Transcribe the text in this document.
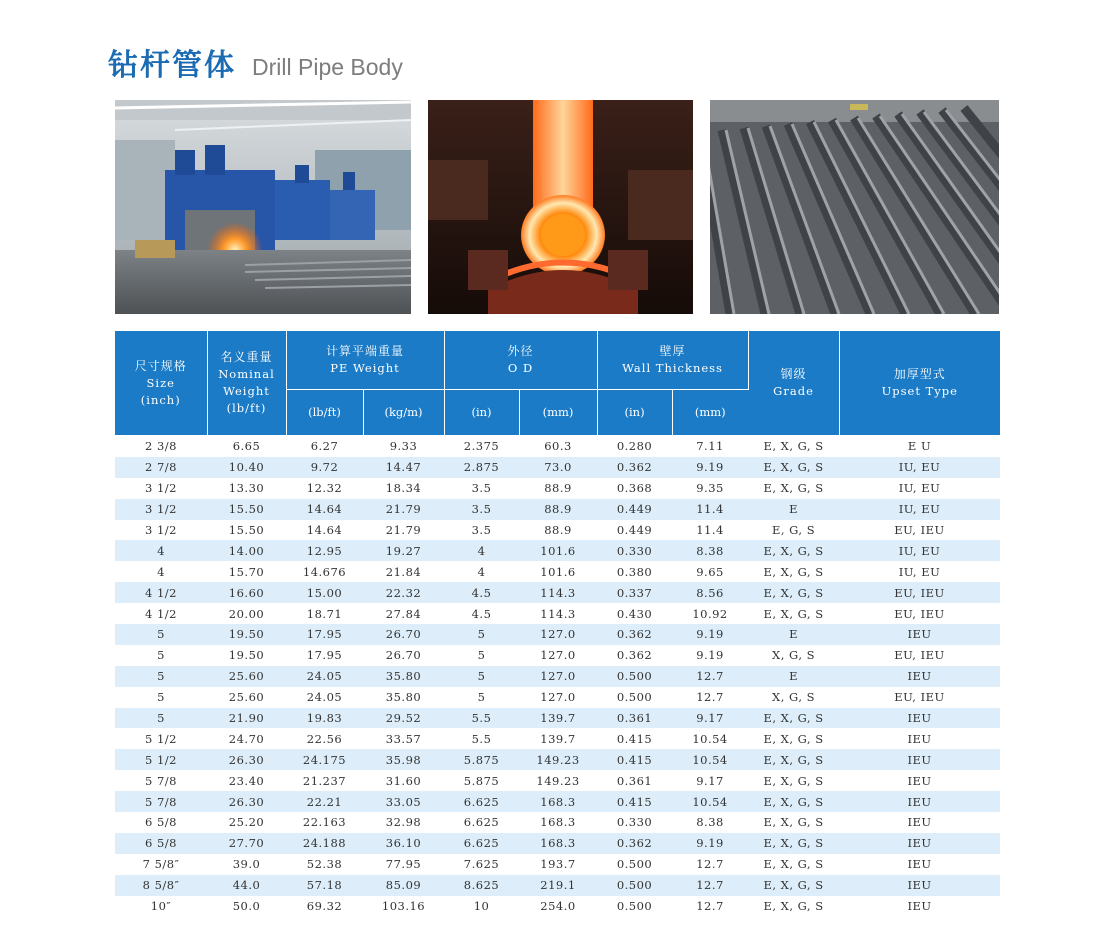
钻杆管体 Drill Pipe Body
尺寸规格
Size
(inch)	名义重量
Nominal Weight
(lb/ft)	计算平端重量
PE Weight		外径
O D		壁厚
Wall Thickness		钢级
Grade	加厚型式
Upset Type

		(lb/ft)	(kg/m)	(in)	(mm)	(in)	(mm)		
2 3/8	6.65	6.27	9.33	2.375	60.3	0.280	7.11	E, X, G, S	E U
2 7/8	10.40	9.72	14.47	2.875	73.0	0.362	9.19	E, X, G, S	IU, EU
3 1/2	13.30	12.32	18.34	3.5	88.9	0.368	9.35	E, X, G, S	IU, EU
3 1/2	15.50	14.64	21.79	3.5	88.9	0.449	11.4	E	IU, EU
3 1/2	15.50	14.64	21.79	3.5	88.9	0.449	11.4	E, G, S	EU, IEU
4	14.00	12.95	19.27	4	101.6	0.330	8.38	E, X, G, S	IU, EU
4	15.70	14.676	21.84	4	101.6	0.380	9.65	E, X, G, S	IU, EU
4 1/2	16.60	15.00	22.32	4.5	114.3	0.337	8.56	E, X, G, S	EU, IEU
4 1/2	20.00	18.71	27.84	4.5	114.3	0.430	10.92	E, X, G, S	EU, IEU
5	19.50	17.95	26.70	5	127.0	0.362	9.19	E	IEU
5	19.50	17.95	26.70	5	127.0	0.362	9.19	X, G, S	EU, IEU
5	25.60	24.05	35.80	5	127.0	0.500	12.7	E	IEU
5	25.60	24.05	35.80	5	127.0	0.500	12.7	X, G, S	EU, IEU
5	21.90	19.83	29.52	5.5	139.7	0.361	9.17	E, X, G, S	IEU
5 1/2	24.70	22.56	33.57	5.5	139.7	0.415	10.54	E, X, G, S	IEU
5 1/2	26.30	24.175	35.98	5.875	149.23	0.415	10.54	E, X, G, S	IEU
5 7/8	23.40	21.237	31.60	5.875	149.23	0.361	9.17	E, X, G, S	IEU
5 7/8	26.30	22.21	33.05	6.625	168.3	0.415	10.54	E, X, G, S	IEU
6 5/8	25.20	22.163	32.98	6.625	168.3	0.330	8.38	E, X, G, S	IEU
6 5/8	27.70	24.188	36.10	6.625	168.3	0.362	9.19	E, X, G, S	IEU
7 5/8″	39.0	52.38	77.95	7.625	193.7	0.500	12.7	E, X, G, S	IEU
8 5/8″	44.0	57.18	85.09	8.625	219.1	0.500	12.7	E, X, G, S	IEU
10″	50.0	69.32	103.16	10	254.0	0.500	12.7	E, X, G, S	IEU
